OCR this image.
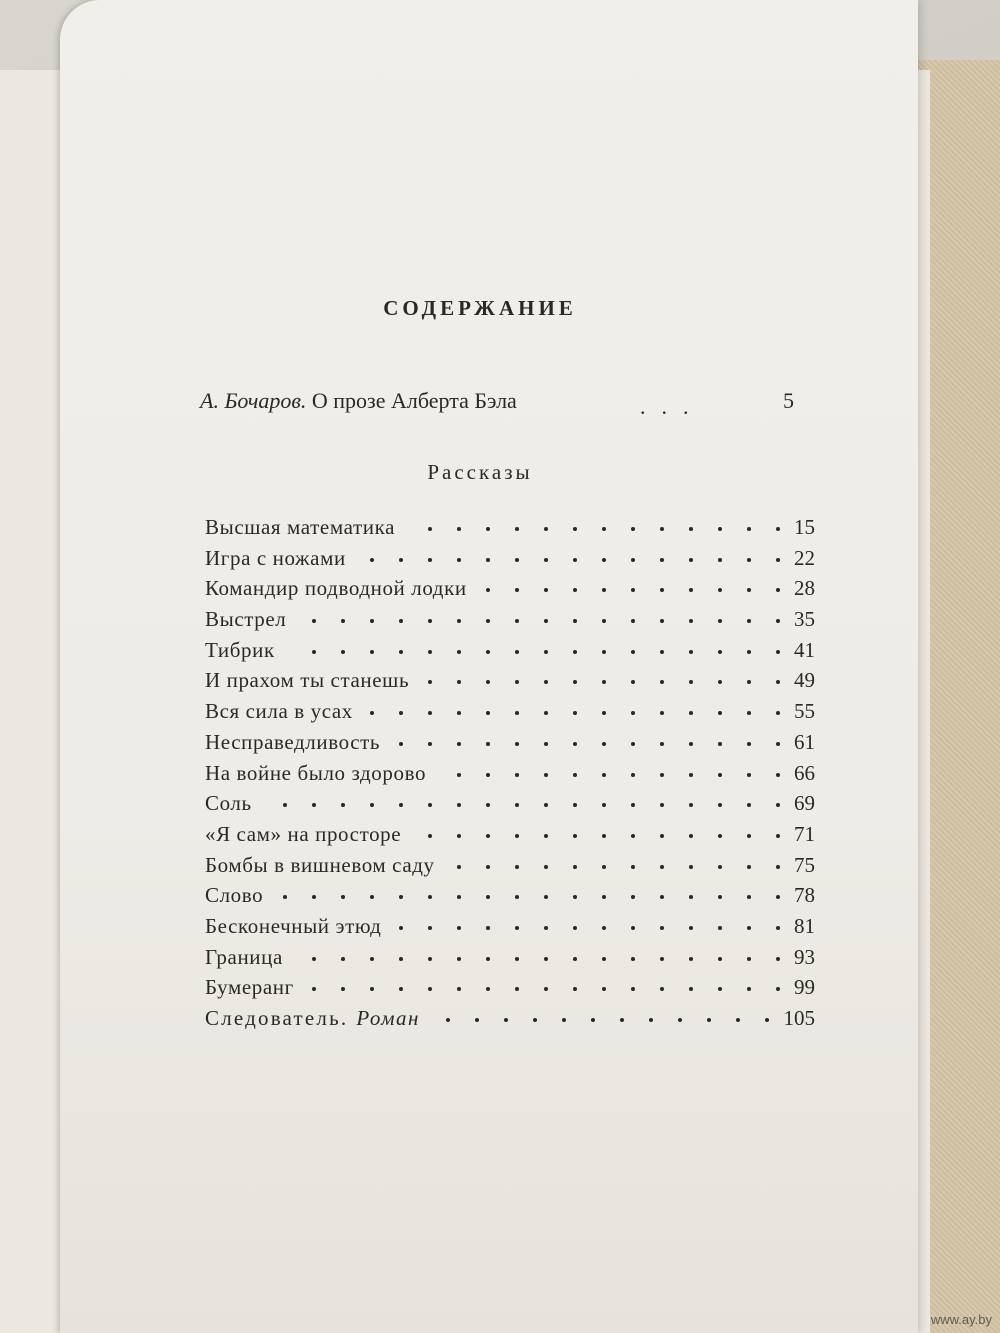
СОДЕРЖАНИЕ
А. Бочаров. О прозе Алберта Бэла	...	5
Рассказы
Высшая математика	15
Игра с ножами	22
Командир подводной лодки	28
Выстрел	35
Тибрик	41
И прахом ты станешь	49
Вся сила в усах	55
Несправедливость	61
На войне было здорово	66
Соль	69
«Я сам» на просторе	71
Бомбы в вишневом саду	75
Слово	78
Бесконечный этюд	81
Граница	93
Бумеранг	99
Следователь. Роман	105
www.ay.by
